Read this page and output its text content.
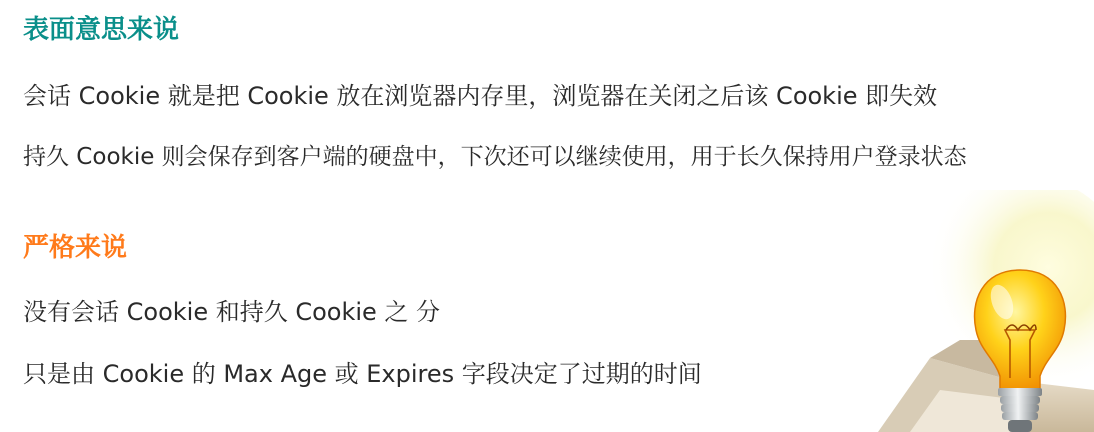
表面意思来说

会话 Cookie 就是把 Cookie 放在浏览器内存里，浏览器在关闭之后该 Cookie 即失效

持久 Cookie 则会保存到客户端的硬盘中，下次还可以继续使用，用于长久保持用户登录状态

严格来说

没有会话 Cookie 和持久 Cookie 之 分

只是由 Cookie 的 Max Age 或 Expires 字段决定了过期的时间
